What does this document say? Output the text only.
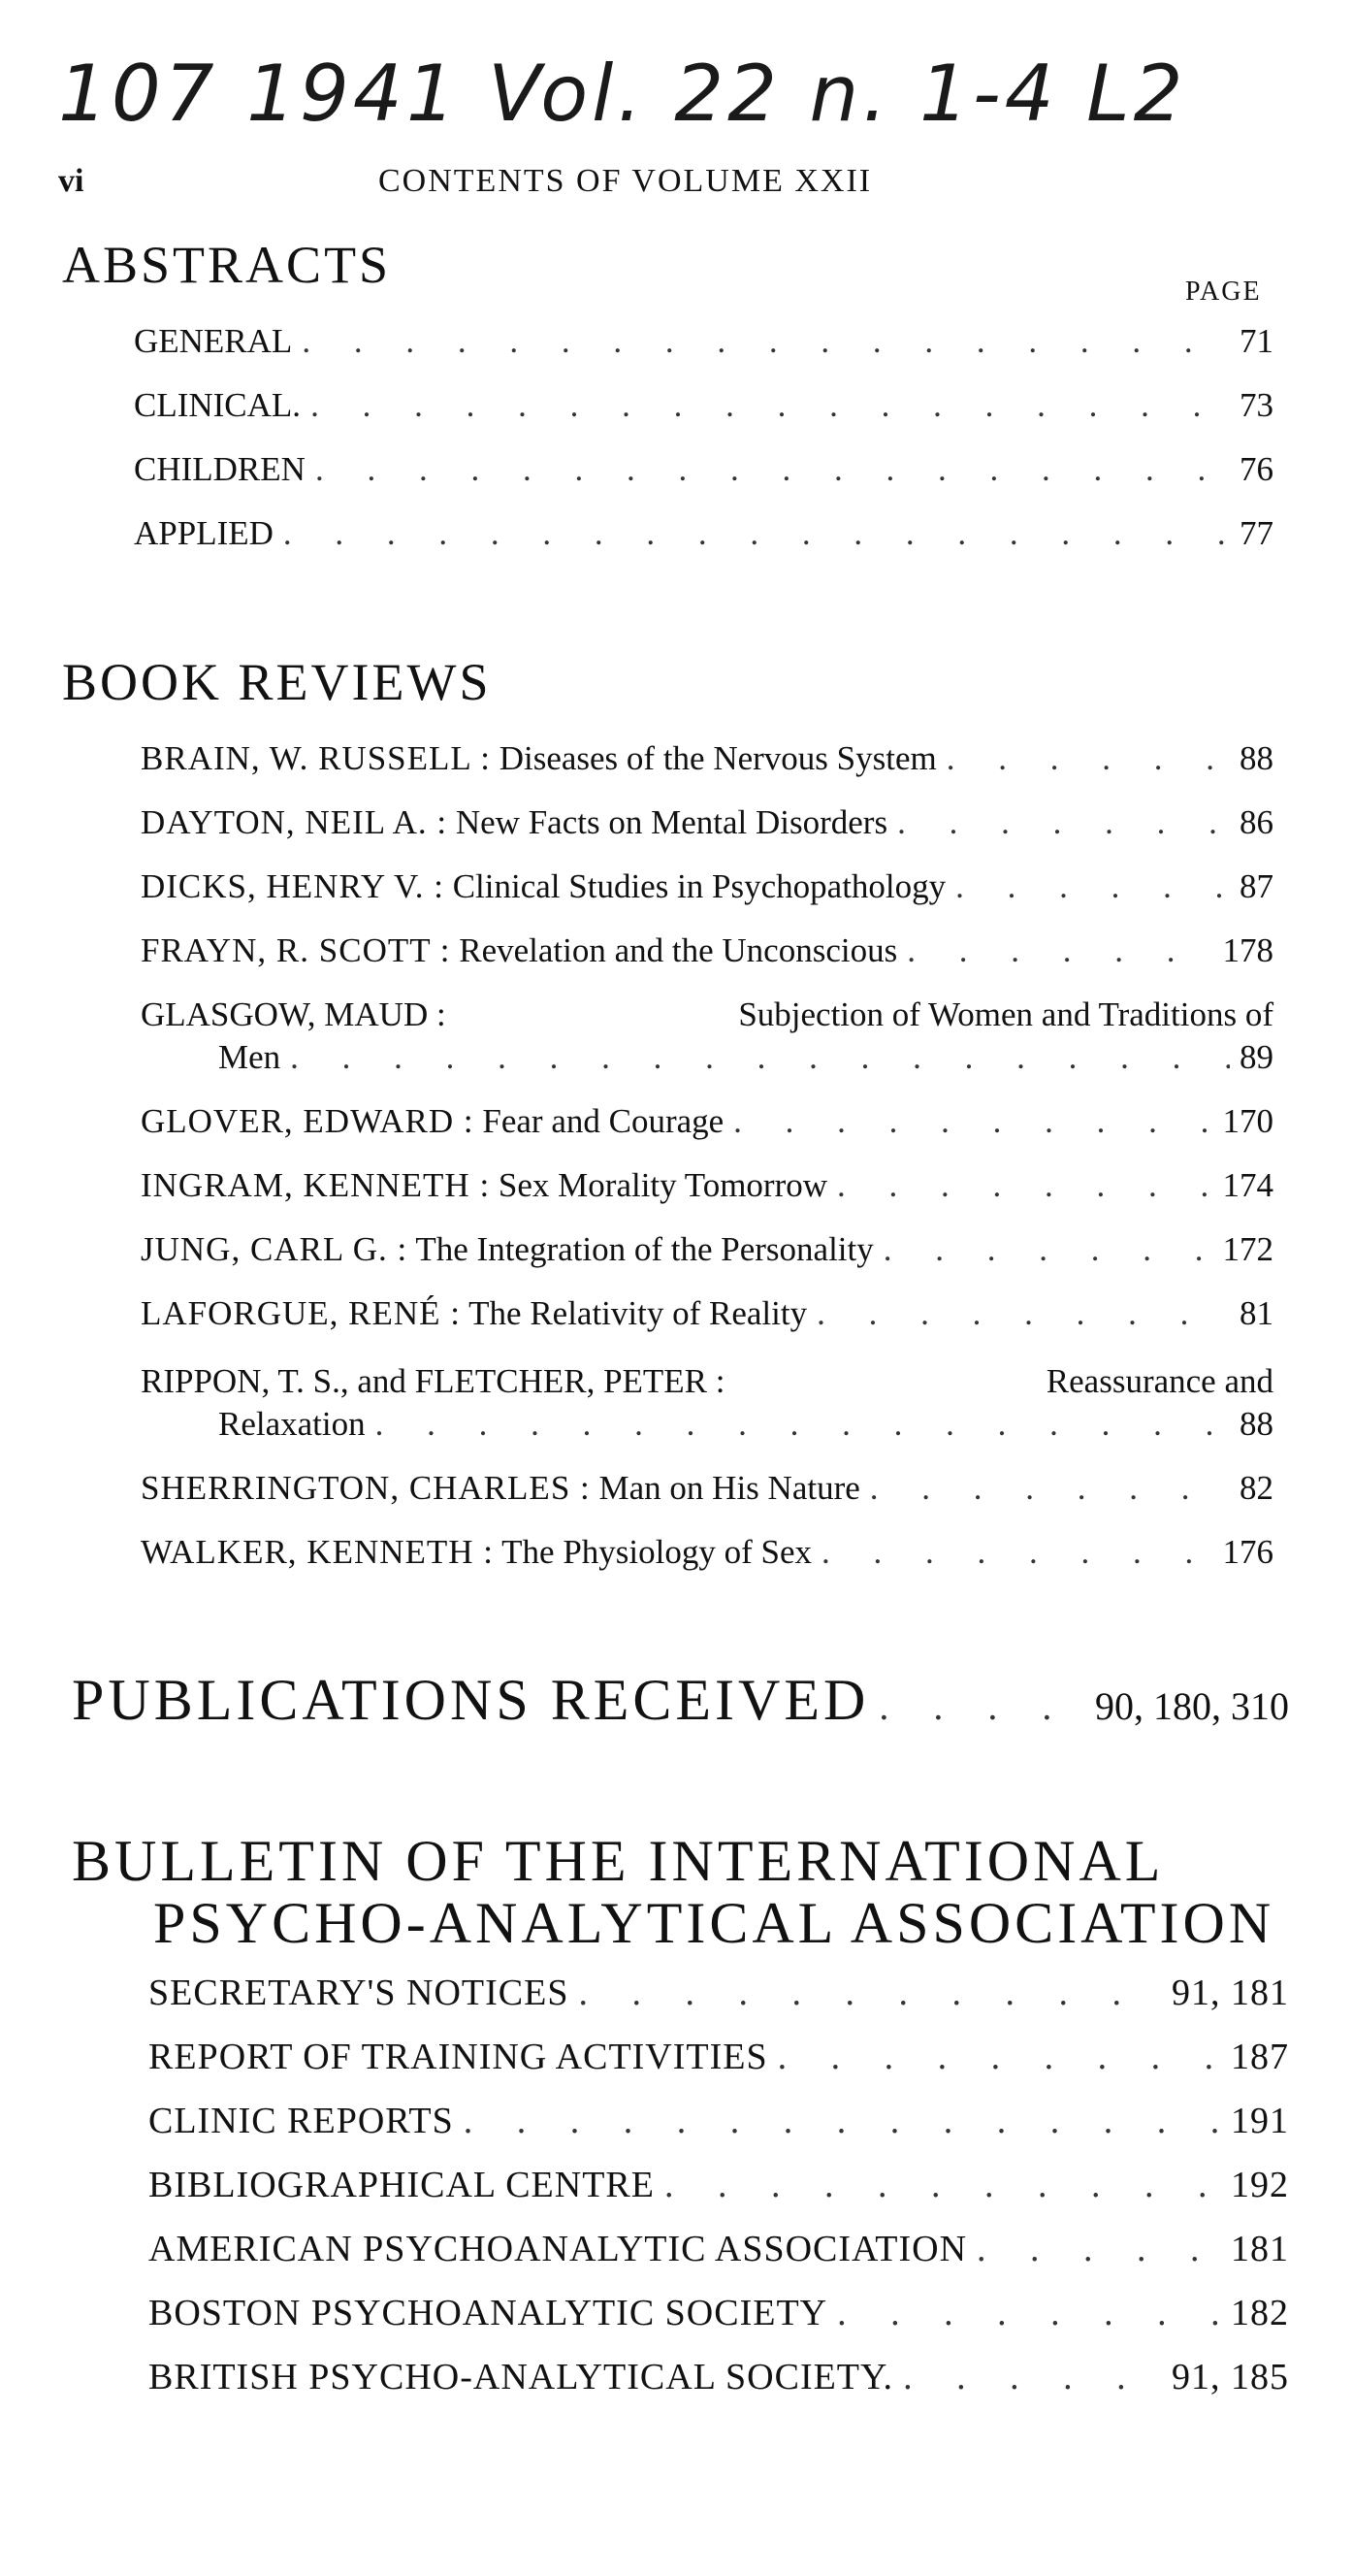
107 1941 Vol. 22 n. 1-4 L2
vi	CONTENTS OF VOLUME XXII
ABSTRACTS	PAGE
GENERAL . . .	71
CLINICAL. . . .	73
CHILDREN . . .	76
APPLIED . . .	77
BOOK REVIEWS
BRAIN, W. RUSSELL : Diseases of the Nervous System . . .	88
DAYTON, NEIL A. : New Facts on Mental Disorders . . .	86
DICKS, HENRY V. : Clinical Studies in Psychopathology . . .	87
FRAYN, R. SCOTT : Revelation and the Unconscious . . .	178
GLASGOW, MAUD :	Subjection of Women and Traditions of
Men . . .	89
GLOVER, EDWARD : Fear and Courage . . .	170
INGRAM, KENNETH : Sex Morality Tomorrow . . .	174
JUNG, CARL G. : The Integration of the Personality . . .	172
LAFORGUE, RENÉ : The Relativity of Reality . . .	81
RIPPON, T. S., and FLETCHER, PETER :	Reassurance and
Relaxation . . .	88
SHERRINGTON, CHARLES : Man on His Nature . . .	82
WALKER, KENNETH : The Physiology of Sex . . .	176
PUBLICATIONS RECEIVED . . .	90, 180, 310
BULLETIN OF THE INTERNATIONAL
PSYCHO-ANALYTICAL ASSOCIATION
SECRETARY'S NOTICES . . .	91, 181
REPORT OF TRAINING ACTIVITIES . . .	187
CLINIC REPORTS . . .	191
BIBLIOGRAPHICAL CENTRE . . .	192
AMERICAN PSYCHOANALYTIC ASSOCIATION . . .	181
BOSTON PSYCHOANALYTIC SOCIETY . . .	182
BRITISH PSYCHO-ANALYTICAL SOCIETY. . . .	91, 185
